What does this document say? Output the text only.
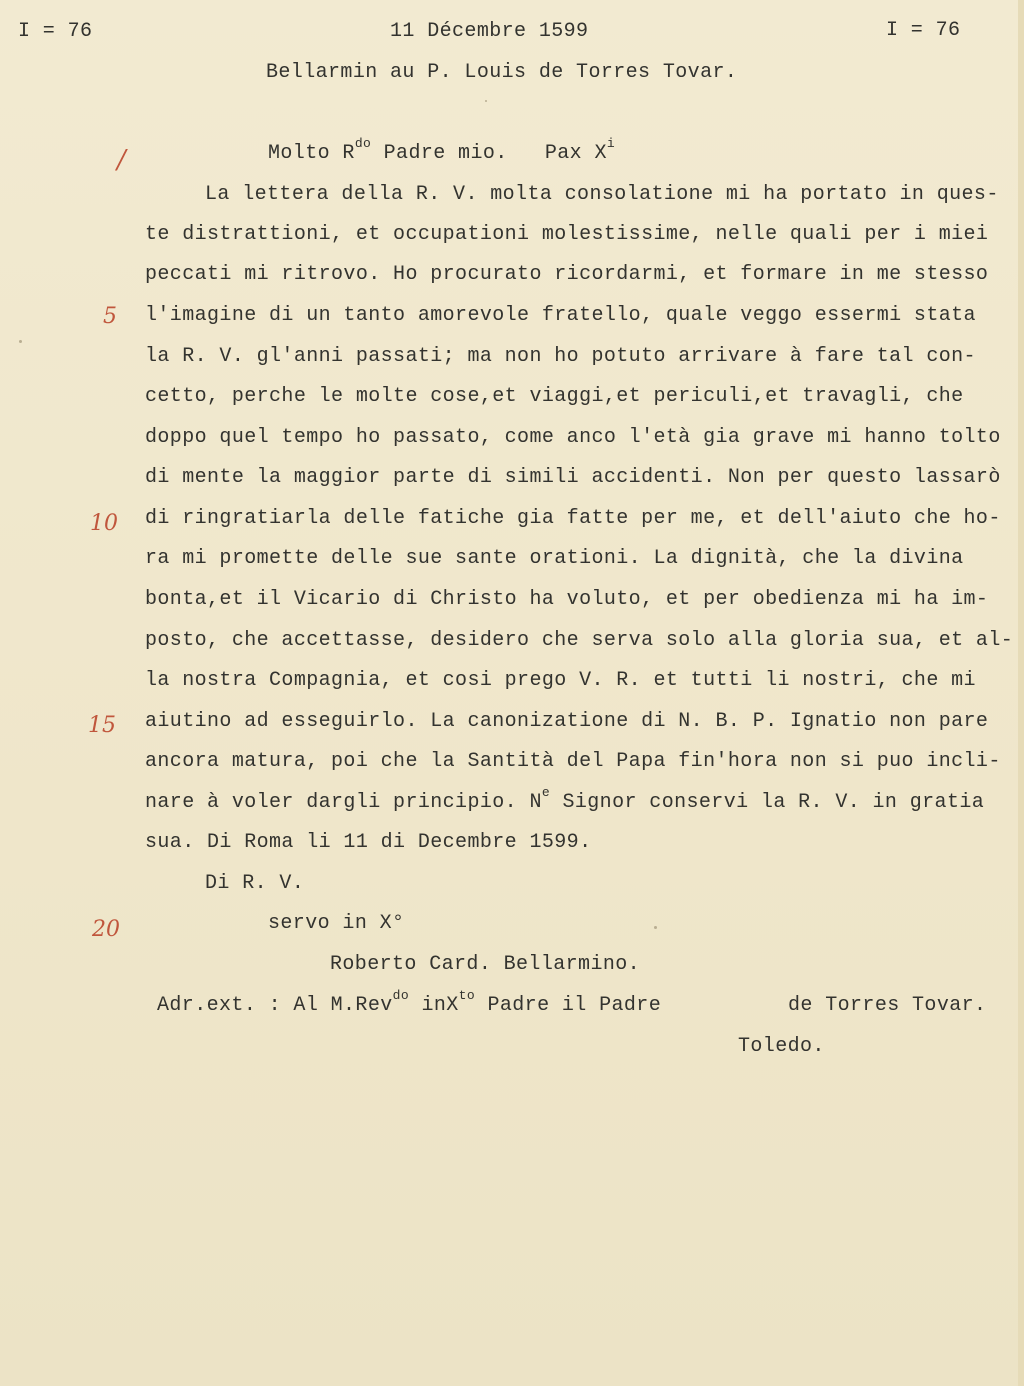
I = 76	11 Décembre 1599	I = 76
Bellarmin au P. Louis de Torres Tovar.
Molto $R^{do}$ Padre mio.   Pax $X^i$
La lettera della R. V. molta consolatione mi ha portato in ques-
te distrattioni, et occupationi molestissime, nelle quali per i miei
peccati mi ritrovo. Ho procurato ricordarmi, et formare in me stesso
l'imagine di un tanto amorevole fratello, quale veggo essermi stata
la R. V. gl'anni passati; ma non ho potuto arrivare à fare tal con-
cetto, perche le molte cose,et viaggi,et periculi,et travagli, che
doppo quel tempo ho passato, come anco l'età gia grave mi hanno tolto
di mente la maggior parte di simili accidenti. Non per questo lassarò
di ringratiarla delle fatiche gia fatte per me, et dell'aiuto che ho-
ra mi promette delle sue sante orationi. La dignità, che la divina
bonta,et il Vicario di Christo ha voluto, et per obedienza mi ha im-
posto, che accettasse, desidero che serva solo alla gloria sua, et al-
la nostra Compagnia, et cosi prego V. R. et tutti li nostri, che mi
aiutino ad esseguirlo. La canonizatione di N. B. P. Ignatio non pare
ancora matura, poi che la Santità del Papa fin'hora non si puo incli-
nare à voler dargli principio. $N^e$ Signor conservi la R. V. in gratia
sua. Di Roma li 11 di Decembre 1599.
Di R. V.
servo in X°
Roberto Card. Bellarmino.
Adr.ext. : Al M.Rev$^{do}$ inX$^{to}$ Padre il Padre	de Torres Tovar.
Toledo.
/
5
10
15
20
